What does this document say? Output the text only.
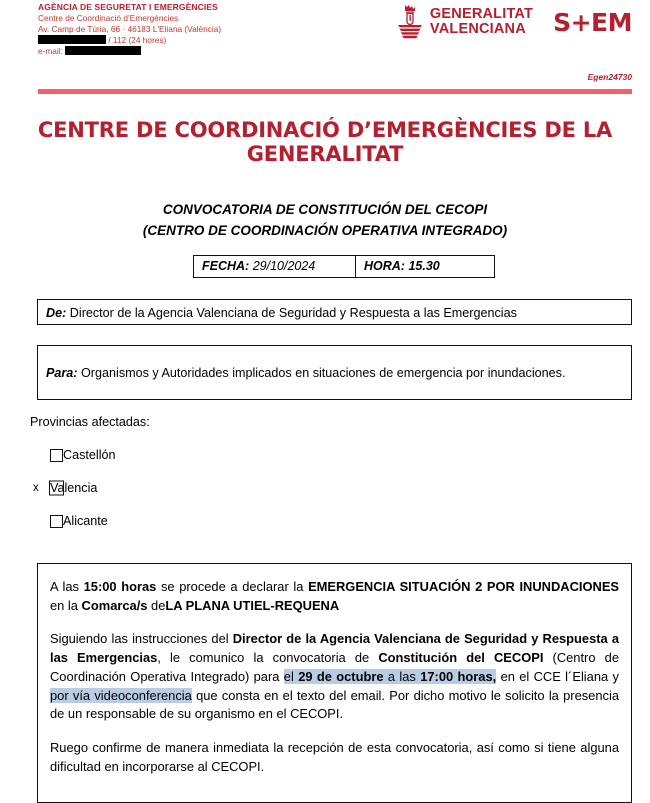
AGÈNCIA DE SEGURETAT I EMERGÈNCIES
Centre de Coordinació d’Emergències
Av. Camp de Túria, 66 · 46183 L'Eliana (València)
/ 112 (24 hores)
e-mail:
GENERALITAT
VALENCIANA S+EM
Egen24730
CENTRE DE COORDINACIÓ D’EMERGÈNCIES DE LA GENERALITAT
CONVOCATORIA DE CONSTITUCIÓN DEL CECOPI
(CENTRO DE COORDINACIÓN OPERATIVA INTEGRADO)
FECHA: 29/10/2024	HORA: 15.30
De: Director de la Agencia Valenciana de Seguridad y Respuesta a las Emergencias
Para: Organismos y Autoridades implicados en situaciones de emergencia por inundaciones.
Provincias afectadas:
Castellón
x Valencia
Alicante

A las 15:00 horas se procede a declarar la EMERGENCIA SITUACIÓN 2 POR INUNDACIONES en la Comarca/s deLA PLANA UTIEL-REQUENA

Siguiendo las instrucciones del Director de la Agencia Valenciana de Seguridad y Respuesta a las Emergencias, le comunico la convocatoria de Constitución del CECOPI (Centro de Coordinación Operativa Integrado) para el 29 de octubre a las 17:00 horas, en el CCE l´Eliana y por vía videoconferencia que consta en el texto del email. Por dicho motivo le solicito la presencia de un responsable de su organismo en el CECOPI.

Ruego confirme de manera inmediata la recepción de esta convocatoria, así como si tiene alguna dificultad en incorporarse al CECOPI.
